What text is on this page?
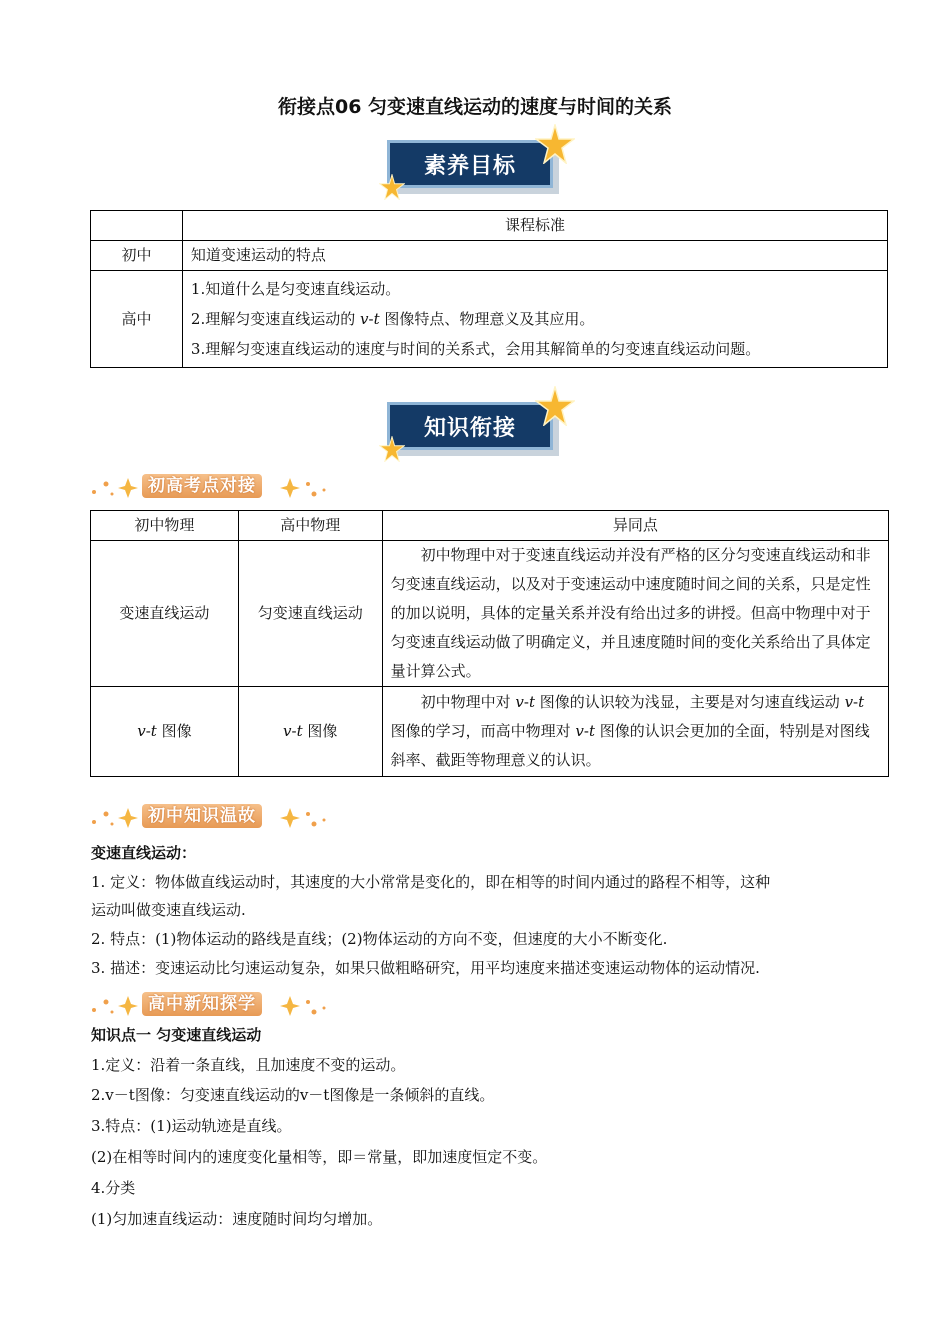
衔接点06 匀变速直线运动的速度与时间的关系
素养目标
	课程标准
初中	知道变速运动的特点
高中	1.知道什么是匀变速直线运动。
2.理解匀变速直线运动的 v-t 图像特点、物理意义及其应用。
3.理解匀变速直线运动的速度与时间的关系式，会用其解简单的匀变速直线运动问题。
知识衔接
初高考点对接
初中物理	高中物理	异同点
变速直线运动	匀变速直线运动	初中物理中对于变速直线运动并没有严格的区分匀变速直线运动和非匀变速直线运动，以及对于变速运动中速度随时间之间的关系，只是定性的加以说明，具体的定量关系并没有给出过多的讲授。但高中物理中对于匀变速直线运动做了明确定义，并且速度随时间的变化关系给出了具体定量计算公式。
v-t 图像	v-t 图像	初中物理中对 v-t 图像的认识较为浅显，主要是对匀速直线运动 v-t 图像的学习，而高中物理对 v-t 图像的认识会更加的全面，特别是对图线斜率、截距等物理意义的认识。
初中知识温故
变速直线运动：
1. 定义：物体做直线运动时，其速度的大小常常是变化的，即在相等的时间内通过的路程不相等，这种
运动叫做变速直线运动.
2. 特点：(1)物体运动的路线是直线；(2)物体运动的方向不变，但速度的大小不断变化.
3. 描述：变速运动比匀速运动复杂，如果只做粗略研究，用平均速度来描述变速运动物体的运动情况.
高中新知探学
知识点一 匀变速直线运动
1.定义：沿着一条直线，且加速度不变的运动。
2.v－t图像：匀变速直线运动的v－t图像是一条倾斜的直线。
3.特点：(1)运动轨迹是直线。
(2)在相等时间内的速度变化量相等，即＝常量，即加速度恒定不变。
4.分类
(1)匀加速直线运动：速度随时间均匀增加。
